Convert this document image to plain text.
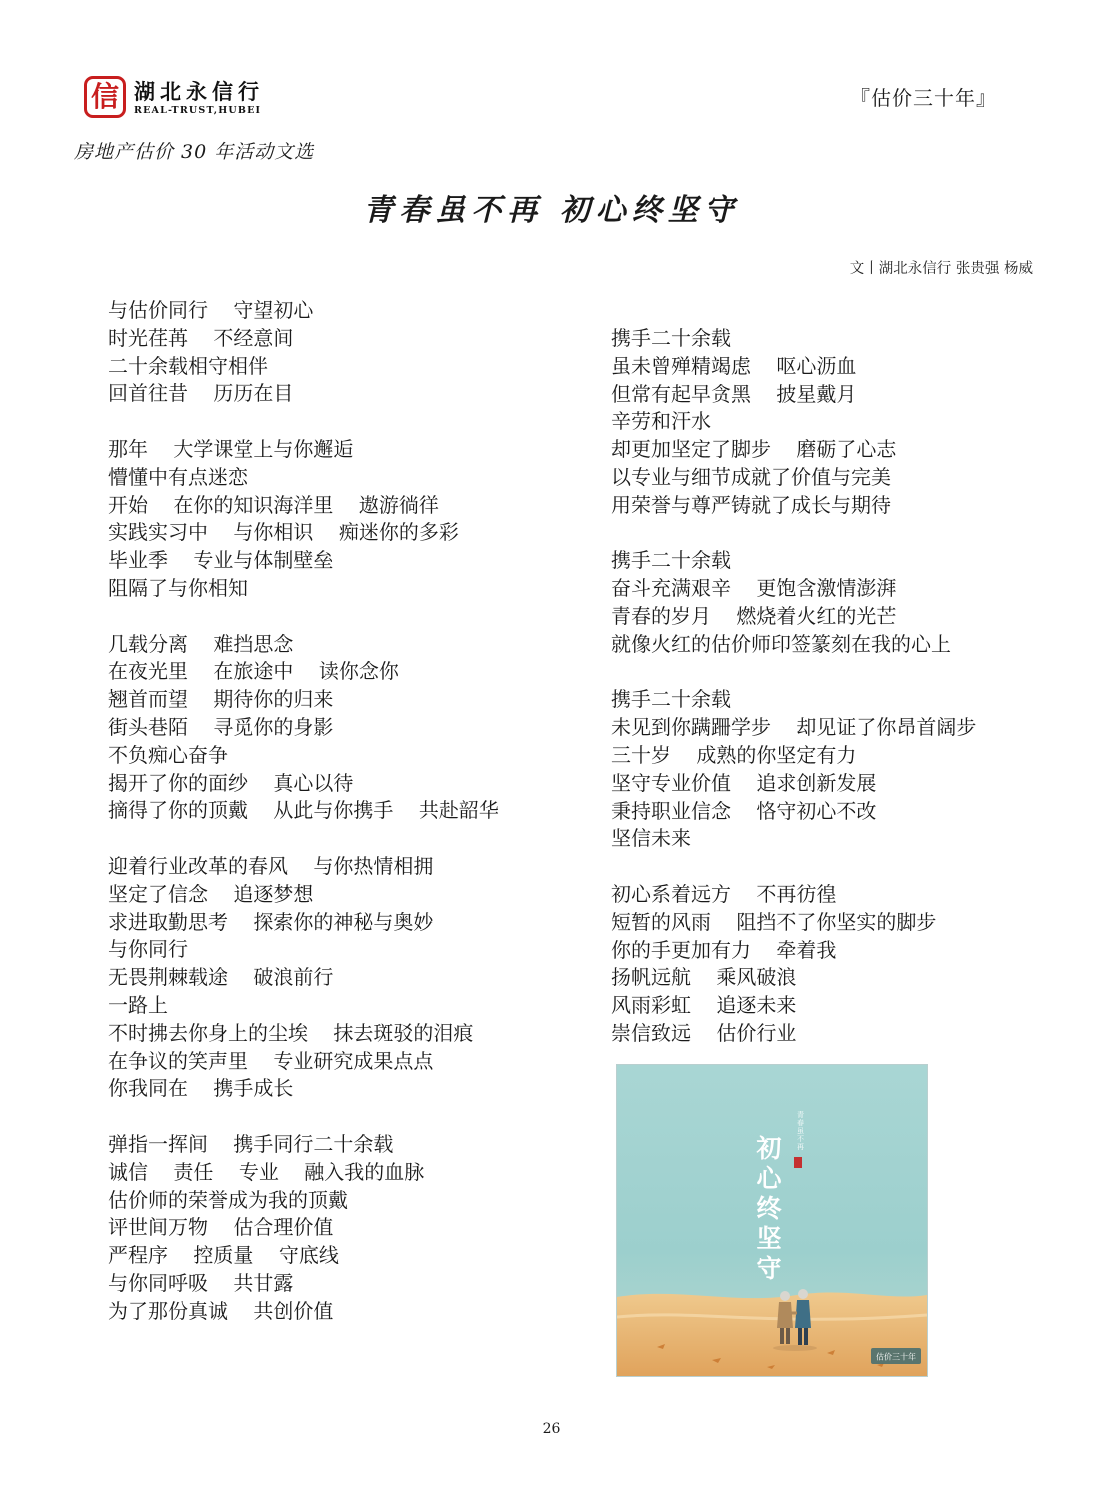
信 湖北永信行
REAL-TRUST,HUBEI
房地产估价 30 年活动文选
『估价三十年』
青春虽不再 初心终坚守
文丨湖北永信行 张贵强 杨威
与估价同行    守望初心
时光荏苒    不经意间
二十余载相守相伴
回首往昔    历历在目
那年    大学课堂上与你邂逅
懵懂中有点迷恋
开始    在你的知识海洋里    遨游徜徉
实践实习中    与你相识    痴迷你的多彩
毕业季    专业与体制壁垒
阻隔了与你相知
几载分离    难挡思念
在夜光里    在旅途中    读你念你
翘首而望    期待你的归来
街头巷陌    寻觅你的身影
不负痴心奋争
揭开了你的面纱    真心以待
摘得了你的顶戴    从此与你携手    共赴韶华
迎着行业改革的春风    与你热情相拥
坚定了信念    追逐梦想
求进取勤思考    探索你的神秘与奥妙
与你同行
无畏荆棘载途    破浪前行
一路上
不时拂去你身上的尘埃    抹去斑驳的泪痕
在争议的笑声里    专业研究成果点点
你我同在    携手成长
弹指一挥间    携手同行二十余载
诚信    责任    专业    融入我的血脉
估价师的荣誉成为我的顶戴
评世间万物    估合理价值
严程序    控质量    守底线
与你同呼吸    共甘露
为了那份真诚    共创价值
携手二十余载
虽未曾殚精竭虑    呕心沥血
但常有起早贪黑    披星戴月
辛劳和汗水
却更加坚定了脚步    磨砺了心志
以专业与细节成就了价值与完美
用荣誉与尊严铸就了成长与期待
携手二十余载
奋斗充满艰辛    更饱含激情澎湃
青春的岁月    燃烧着火红的光芒
就像火红的估价师印签篆刻在我的心上
携手二十余载
未见到你蹒跚学步    却见证了你昂首阔步
三十岁    成熟的你坚定有力
坚守专业价值    追求创新发展
秉持职业信念    恪守初心不改
坚信未来
初心系着远方    不再彷徨
短暂的风雨    阻挡不了你坚实的脚步
你的手更加有力    牵着我
扬帆远航    乘风破浪
风雨彩虹    追逐未来
崇信致远    估价行业
青春虽不再
初
心
终
坚
守
估价三十年
26
